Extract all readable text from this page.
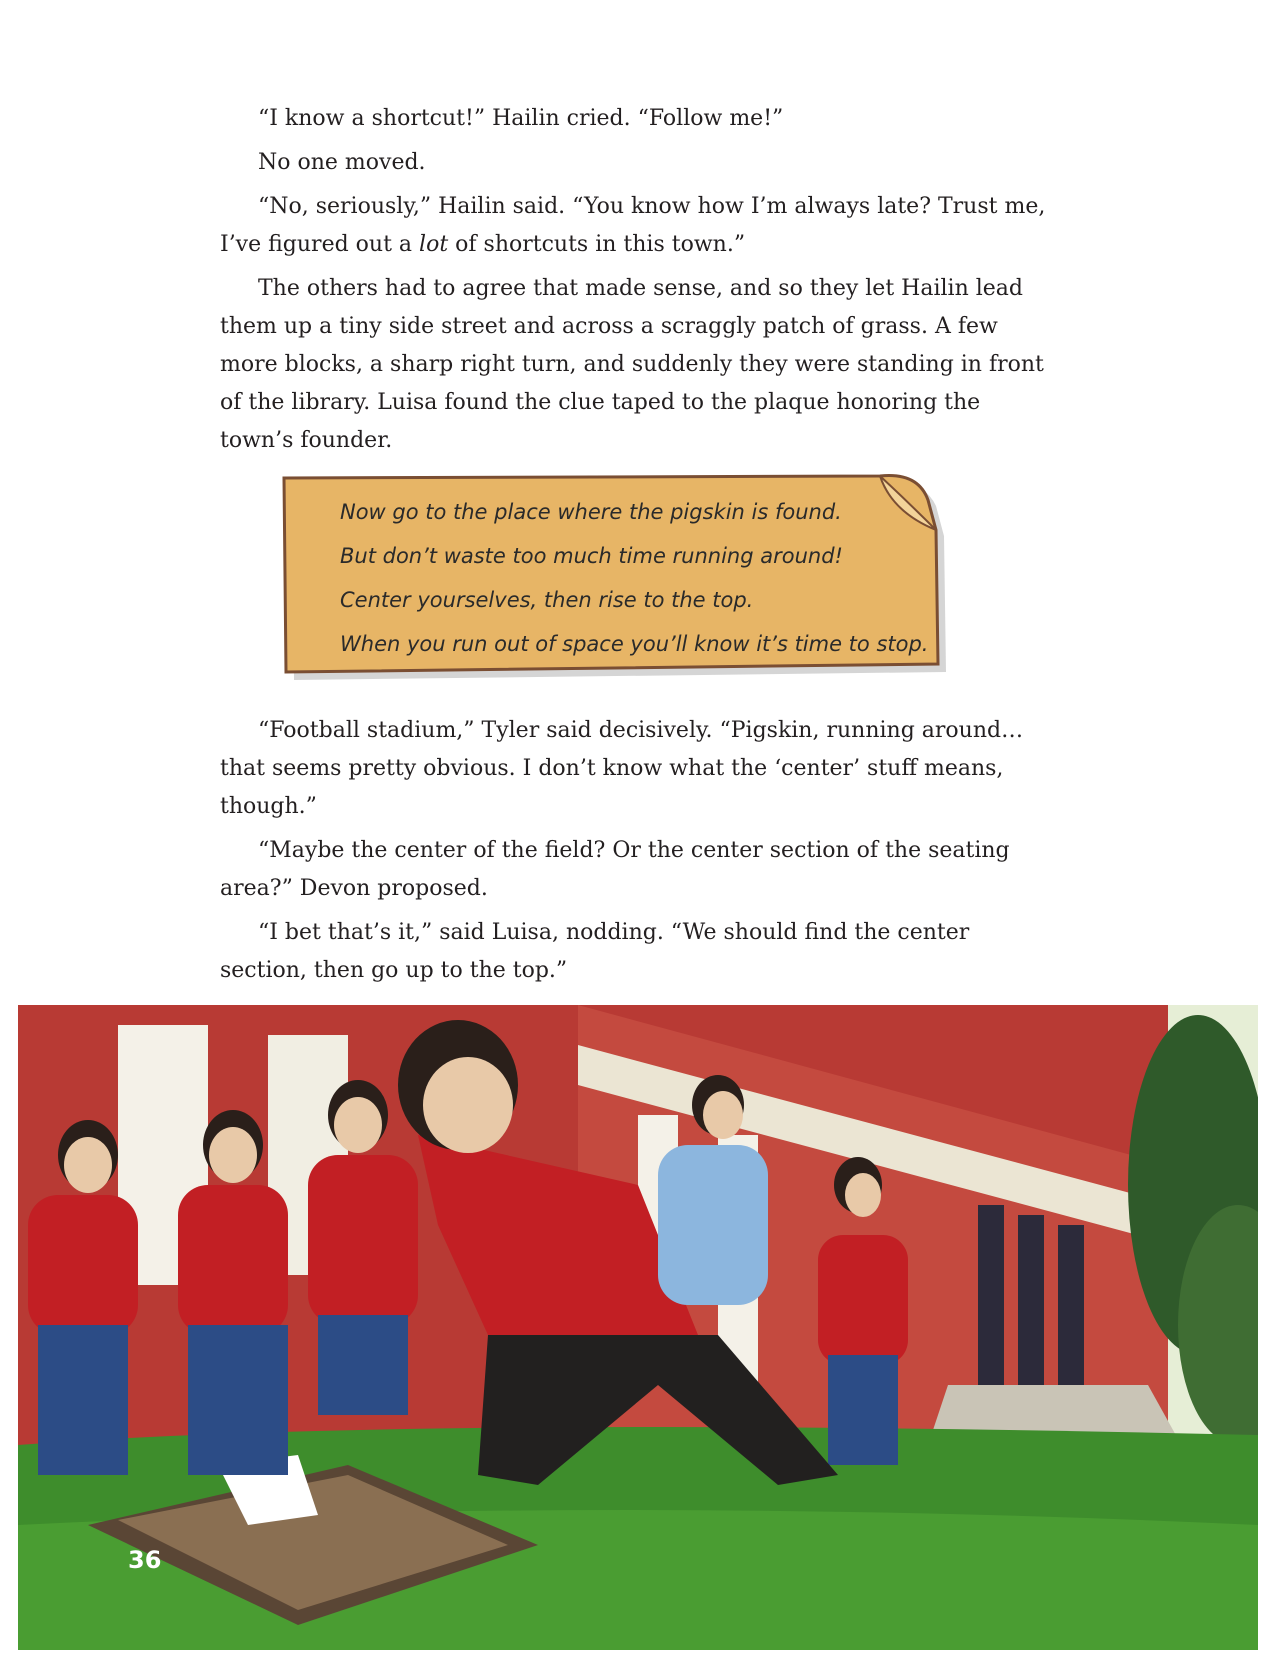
“I know a shortcut!” Hailin cried. “Follow me!”

No one moved.

“No, seriously,” Hailin said. “You know how I’m always late? Trust me, I’ve figured out a lot of shortcuts in this town.”

The others had to agree that made sense, and so they let Hailin lead them up a tiny side street and across a scraggly patch of grass. A few more blocks, a sharp right turn, and suddenly they were standing in front of the library. Luisa found the clue taped to the plaque honoring the town’s founder.

Now go to the place where the pigskin is found.
But don’t waste too much time running around!
Center yourselves, then rise to the top.
When you run out of space you’ll know it’s time to stop.

“Football stadium,” Tyler said decisively. “Pigskin, running around…that seems pretty obvious. I don’t know what the ‘center’ stuff means, though.”

“Maybe the center of the field? Or the center section of the seating area?” Devon proposed.

“I bet that’s it,” said Luisa, nodding. “We should find the center section, then go up to the top.”

36
